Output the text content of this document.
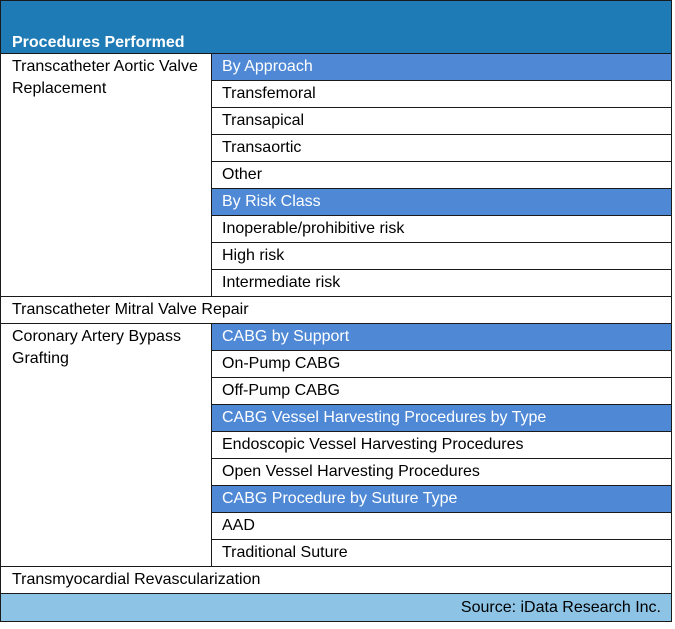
Procedures Performed	
Transcatheter Aortic Valve Replacement	By Approach
	Transfemoral
	Transapical
	Transaortic
	Other
	By Risk Class
	Inoperable/prohibitive risk
	High risk
	Intermediate risk
Transcatheter Mitral Valve Repair	
Coronary Artery Bypass Grafting	CABG by Support
	On-Pump CABG
	Off-Pump CABG
	CABG Vessel Harvesting Procedures by Type
	Endoscopic Vessel Harvesting Procedures
	Open Vessel Harvesting Procedures
	CABG Procedure by Suture Type
	AAD
	Traditional Suture
Transmyocardial Revascularization	
Source: iData Research Inc.	
